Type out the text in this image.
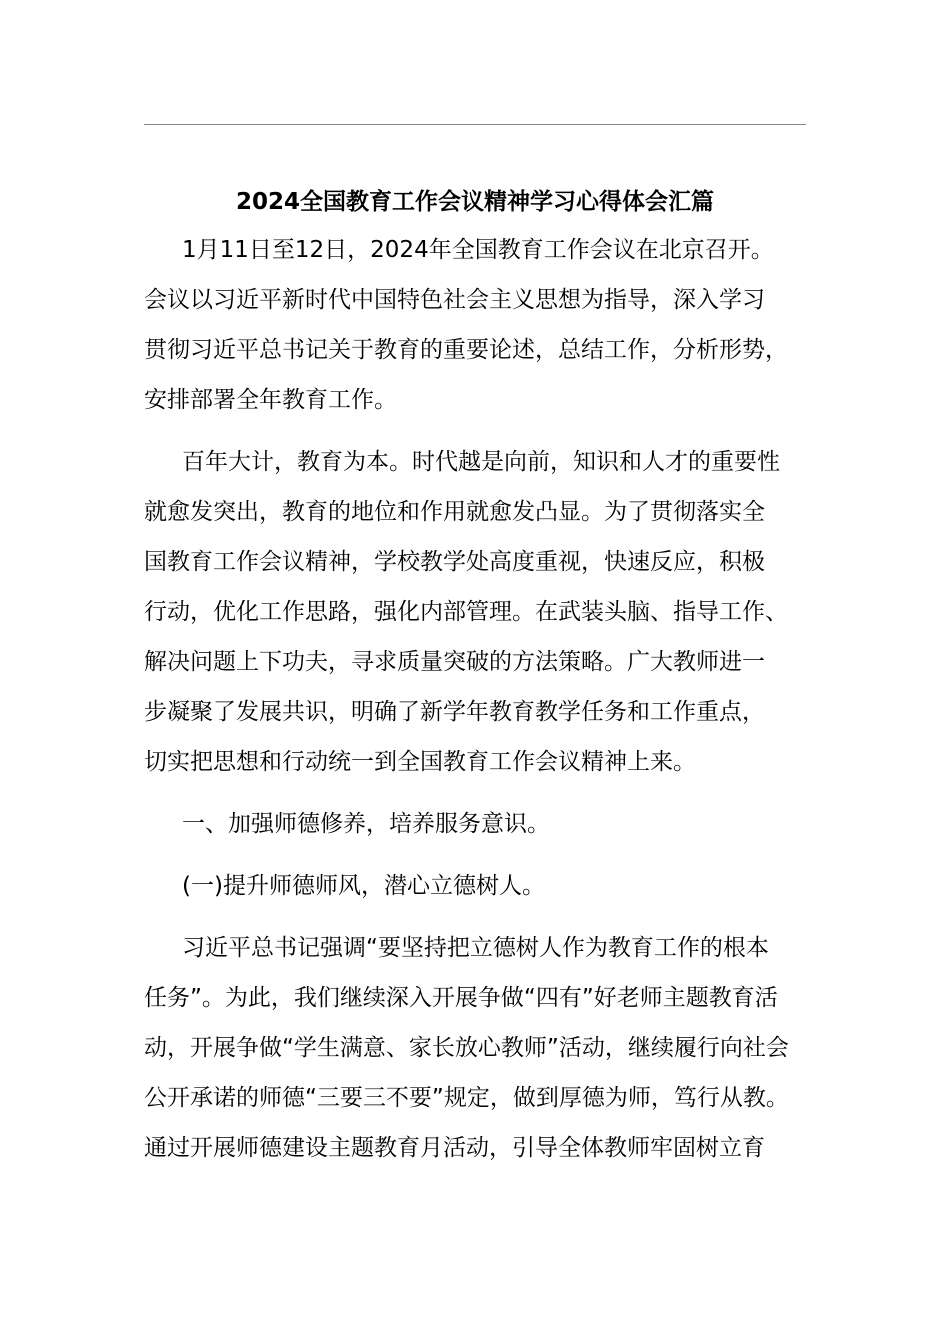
2024全国教育工作会议精神学习心得体会汇篇
1月11日至12日，2024年全国教育工作会议在北京召开。
会议以习近平新时代中国特色社会主义思想为指导，深入学习
贯彻习近平总书记关于教育的重要论述，总结工作，分析形势，
安排部署全年教育工作。
百年大计，教育为本。时代越是向前，知识和人才的重要性
就愈发突出，教育的地位和作用就愈发凸显。为了贯彻落实全
国教育工作会议精神，学校教学处高度重视，快速反应，积极
行动，优化工作思路，强化内部管理。在武装头脑、指导工作、
解决问题上下功夫，寻求质量突破的方法策略。广大教师进一
步凝聚了发展共识，明确了新学年教育教学任务和工作重点，
切实把思想和行动统一到全国教育工作会议精神上来。
一、加强师德修养，培养服务意识。
(一)提升师德师风，潜心立德树人。
习近平总书记强调“要坚持把立德树人作为教育工作的根本
任务”。为此，我们继续深入开展争做“四有”好老师主题教育活
动，开展争做“学生满意、家长放心教师”活动，继续履行向社会
公开承诺的师德“三要三不要”规定，做到厚德为师，笃行从教。
通过开展师德建设主题教育月活动，引导全体教师牢固树立育
